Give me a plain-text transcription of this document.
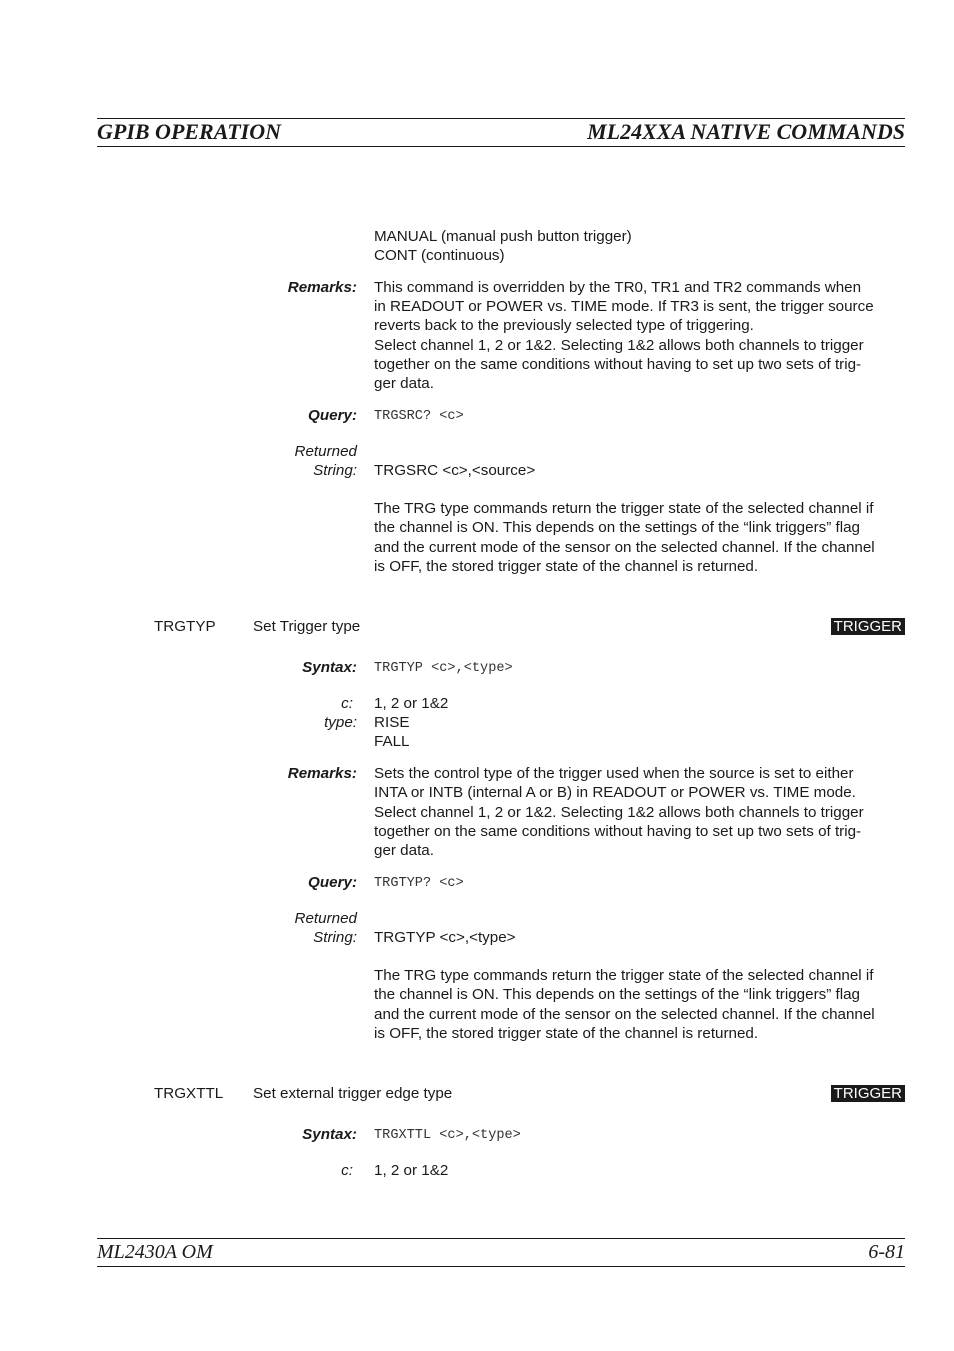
GPIB OPERATION	ML24XXA NATIVE COMMANDS
MANUAL (manual push button trigger)
CONT (continuous)
Remarks: This command is overridden by the TR0, TR1 and TR2 commands when
in READOUT or POWER vs. TIME mode. If TR3 is sent, the trigger source
reverts back to the previously selected type of triggering.
Select channel 1, 2 or 1&2. Selecting 1&2 allows both channels to trigger
together on the same conditions without having to set up two sets of trig-
ger data.
Query: TRGSRC? <c>
Returned
String: TRGSRC <c>,<source>
The TRG type commands return the trigger state of the selected channel if
the channel is ON. This depends on the settings of the “link triggers” flag
and the current mode of the sensor on the selected channel. If the channel
is OFF, the stored trigger state of the channel is returned.
TRGTYP Set Trigger type	TRIGGER
Syntax: TRGTYP <c>,<type>
c: 1, 2 or 1&2
type: RISE
FALL
Remarks: Sets the control type of the trigger used when the source is set to either
INTA or INTB (internal A or B) in READOUT or POWER vs. TIME mode.
Select channel 1, 2 or 1&2. Selecting 1&2 allows both channels to trigger
together on the same conditions without having to set up two sets of trig-
ger data.
Query: TRGTYP? <c>
Returned
String: TRGTYP <c>,<type>
The TRG type commands return the trigger state of the selected channel if
the channel is ON. This depends on the settings of the “link triggers” flag
and the current mode of the sensor on the selected channel. If the channel
is OFF, the stored trigger state of the channel is returned.
TRGXTTL Set external trigger edge type	TRIGGER
Syntax: TRGXTTL <c>,<type>
c: 1, 2 or 1&2
ML2430A OM	6-81
